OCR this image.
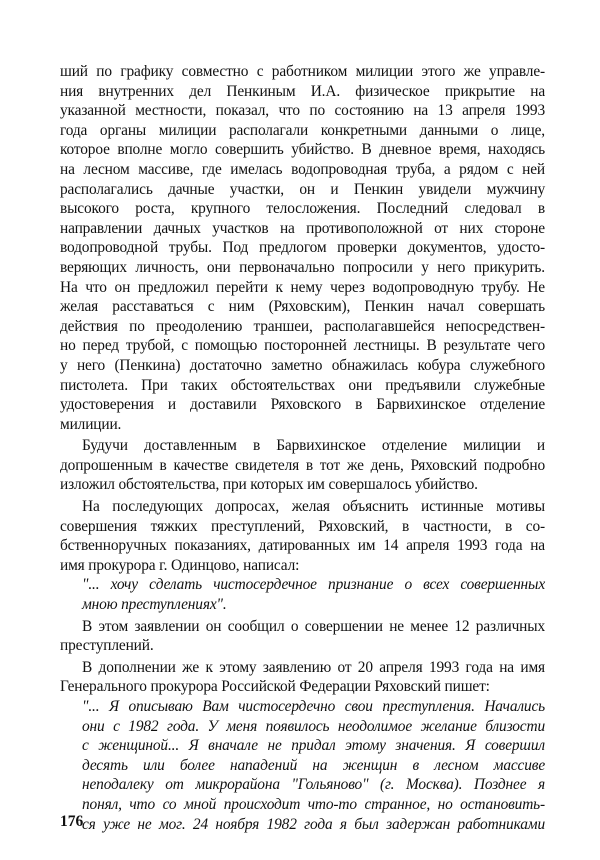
ший по графику совместно с работником милиции этого же управле-
ния внутренних дел Пенкиным И.А. физическое прикрытие на
указанной местности, показал, что по состоянию на 13 апреля 1993
года органы милиции располагали конкретными данными о лице,
которое вполне могло совершить убийство. В дневное время, находясь
на лесном массиве, где имелась водопроводная труба, а рядом с ней
располагались дачные участки, он и Пенкин увидели мужчину
высокого роста, крупного телосложения. Последний следовал в
направлении дачных участков на противоположной от них стороне
водопроводной трубы. Под предлогом проверки документов, удосто-
веряющих личность, они первоначально попросили у него прикурить.
На что он предложил перейти к нему через водопроводную трубу. Не
желая расставаться с ним (Ряховским), Пенкин начал совершать
действия по преодолению траншеи, располагавшейся непосредствен-
но перед трубой, с помощью посторонней лестницы. В результате чего
у него (Пенкина) достаточно заметно обнажилась кобура служебного
пистолета. При таких обстоятельствах они предъявили служебные
удостоверения и доставили Ряховского в Барвихинское отделение
милиции.
Будучи доставленным в Барвихинское отделение милиции и
допрошенным в качестве свидетеля в тот же день, Ряховский подробно
изложил обстоятельства, при которых им совершалось убийство.
На последующих допросах, желая объяснить истинные мотивы
совершения тяжких преступлений, Ряховский, в частности, в со-
бственноручных показаниях, датированных им 14 апреля 1993 года на
имя прокурора г. Одинцово, написал:
"... хочу сделать чистосердечное признание о всех совершенных
мною преступлениях".
В этом заявлении он сообщил о совершении не менее 12 различных
преступлений.
В дополнении же к этому заявлению от 20 апреля 1993 года на имя
Генерального прокурора Российской Федерации Ряховский пишет:
"... Я описываю Вам чистосердечно свои преступления. Начались
они с 1982 года. У меня появилось неодолимое желание близости
с женщиной... Я вначале не придал этому значения. Я совершил
десять или более нападений на женщин в лесном массиве
неподалеку от микрорайона "Гольяново" (г. Москва). Позднее я
понял, что со мной происходит что-то странное, но остановить-
ся уже не мог. 24 ноября 1982 года я был задержан работниками
176
